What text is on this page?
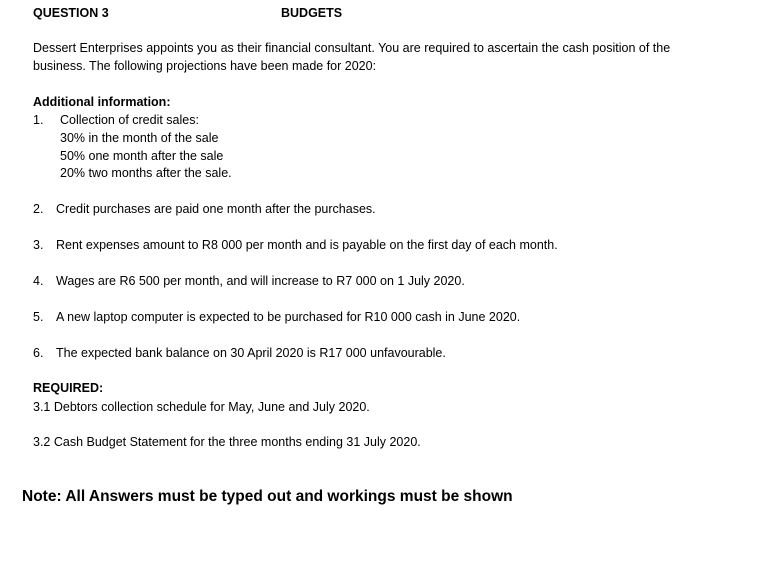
QUESTION 3	BUDGETS
Dessert Enterprises appoints you as their financial consultant. You are required to ascertain the cash position of the
business. The following projections have been made for 2020:
Additional information:
1. Collection of credit sales:
30% in the month of the sale
50% one month after the sale
20% two months after the sale.
2. Credit purchases are paid one month after the purchases.
3. Rent expenses amount to R8 000 per month and is payable on the first day of each month.
4. Wages are R6 500 per month, and will increase to R7 000 on 1 July 2020.
5. A new laptop computer is expected to be purchased for R10 000 cash in June 2020.
6. The expected bank balance on 30 April 2020 is R17 000 unfavourable.
REQUIRED:
3.1 Debtors collection schedule for May, June and July 2020.
3.2 Cash Budget Statement for the three months ending 31 July 2020.
Note: All Answers must be typed out and workings must be shown
